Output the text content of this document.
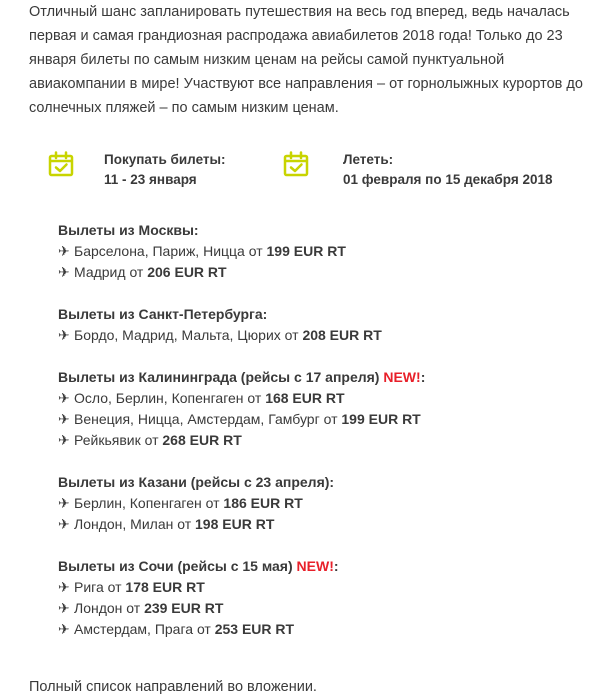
Отличный шанс запланировать путешествия на весь год вперед, ведь началась

первая и самая грандиозная распродажа авиабилетов 2018 года! Только до 23

января билеты по самым низким ценам на рейсы самой пунктуальной

авиакомпании в мире! Участвуют все направления – от горнолыжных курортов до

солнечных пляжей – по самым низким ценам.

Покупать билеты:
11 - 23 января
Лететь:
01 февраля по 15 декабря 2018
Вылеты из Москвы:
✈ Барселона, Париж, Ницца от 199 EUR RT
✈ Мадрид от 206 EUR RT
Вылеты из Санкт-Петербурга:
✈ Бордо, Мадрид, Мальта, Цюрих от 208 EUR RT
Вылеты из Калининграда (рейсы с 17 апреля) NEW!:
✈ Осло, Берлин, Копенгаген от 168 EUR RT
✈ Венеция, Ницца, Амстердам, Гамбург от 199 EUR RT
✈ Рейкьявик от 268 EUR RT
Вылеты из Казани (рейсы с 23 апреля):
✈ Берлин, Копенгаген от 186 EUR RT
✈ Лондон, Милан от 198 EUR RT
Вылеты из Сочи (рейсы с 15 мая) NEW!:
✈ Рига от 178 EUR RT
✈ Лондон от 239 EUR RT
✈ Амстердам, Прага от 253 EUR RT
Полный список направлений во вложении.
